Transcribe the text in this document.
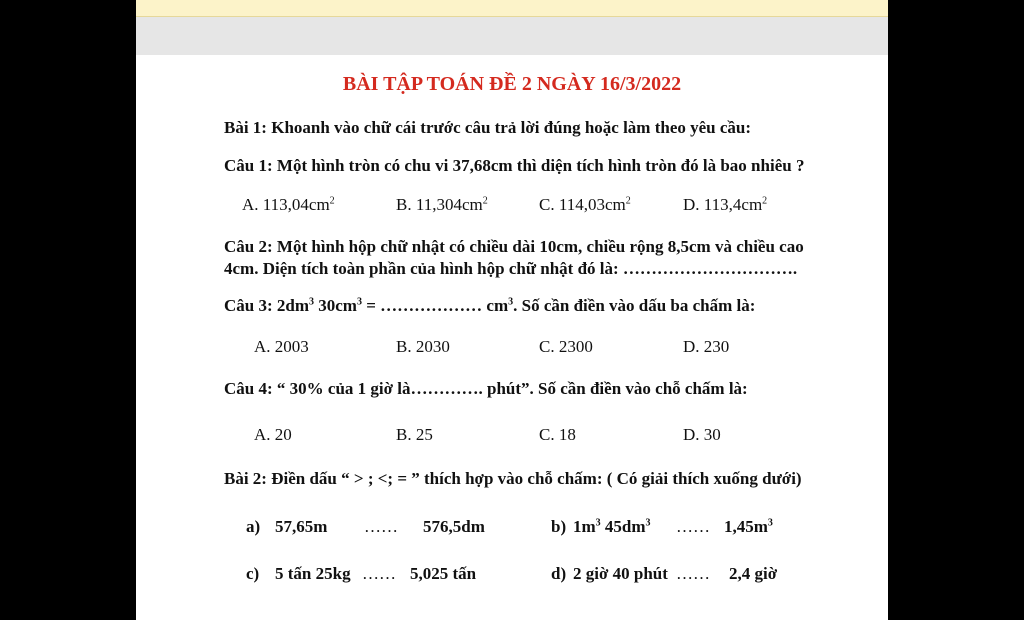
BÀI TẬP TOÁN ĐỀ 2 NGÀY 16/3/2022
Bài 1: Khoanh vào chữ cái trước câu trả lời đúng hoặc làm theo yêu cầu:
Câu 1: Một hình tròn có chu vi 37,68cm thì diện tích hình tròn đó là bao nhiêu ?
A. $113,04cm^2$	B. $11,304cm^2$	C. $114,03cm^2$	D. $113,4cm^2$
Câu 2: Một hình hộp chữ nhật có chiều dài 10cm, chiều rộng 8,5cm và chiều cao
4cm. Diện tích toàn phần của hình hộp chữ nhật đó là: ………………………….
Câu 3: $2dm^3$ $30cm^3$ = ……………… $cm^3$. Số cần điền vào dấu ba chấm là:
A. 2003	B. 2030	C. 2300	D. 230
Câu 4: “ 30% của 1 giờ là…………. phút”. Số cần điền vào chỗ chấm là:
A. 20	B. 25	C. 18	D. 30
Bài 2: Điền dấu “ > ; <; = ” thích hợp vào chỗ chấm: ( Có giải thích xuống dưới)
a) 57,65m …… 576,5dm	b) $1m^3$ $45dm^3$ …… $1,45m^3$
c) 5 tấn 25kg …… 5,025 tấn	d) 2 giờ 40 phút …… 2,4 giờ
